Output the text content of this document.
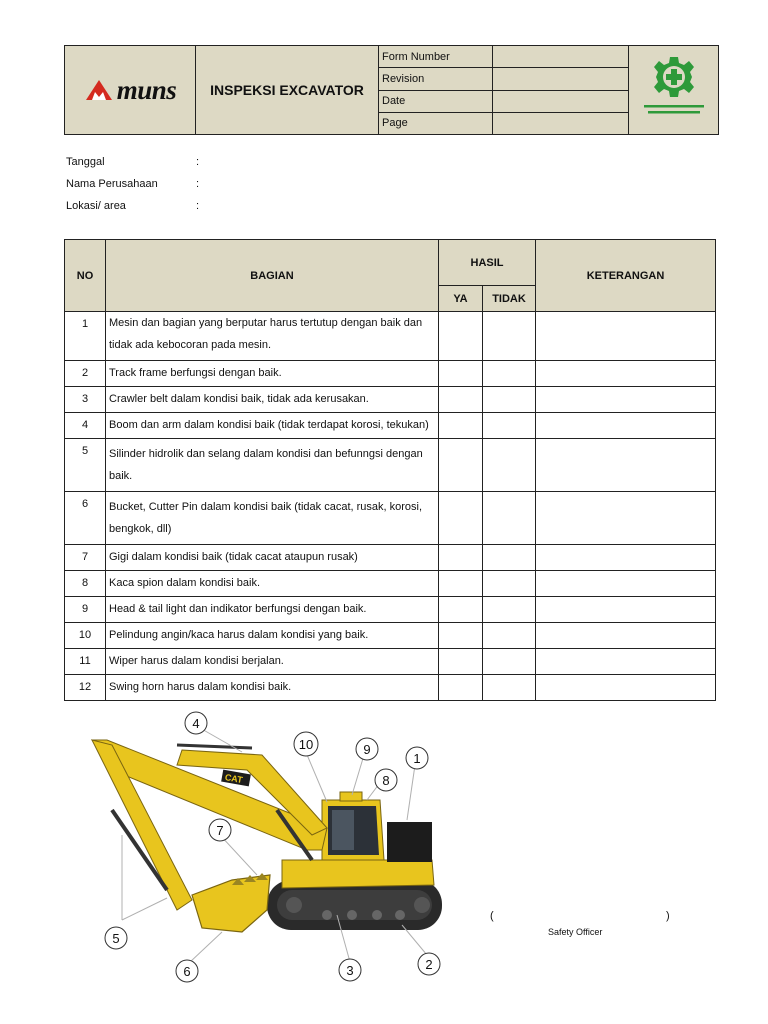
muns	INSPEKSI EXCAVATOR	Form Number		
		Revision		
		Date		
		Page		
Tanggal	:
Nama Perusahaan	:
Lokasi/ area	:
NO	BAGIAN	HASIL		KETERANGAN
		YA	TIDAK	
1	Mesin dan bagian yang berputar harus tertutup dengan baik dan tidak ada kebocoran pada mesin.			
2	Track frame berfungsi dengan baik.			
3	Crawler belt dalam kondisi baik, tidak ada kerusakan.			
4	Boom dan arm dalam kondisi baik (tidak terdapat korosi, tekukan)			
5	Silinder hidrolik dan selang dalam kondisi dan befunngsi dengan baik.			
6	Bucket, Cutter Pin dalam kondisi baik (tidak cacat, rusak, korosi, bengkok, dll)			
7	Gigi dalam kondisi baik (tidak cacat ataupun rusak)			
8	Kaca spion dalam kondisi baik.			
9	Head & tail light dan indikator berfungsi dengan baik.			
10	Pelindung angin/kaca harus dalam kondisi yang baik.			
11	Wiper harus dalam kondisi berjalan.			
12	Swing horn harus dalam kondisi baik.			
CAT
1
2
3
4
5
6
7
8
9
10
(	)
Safety Officer
